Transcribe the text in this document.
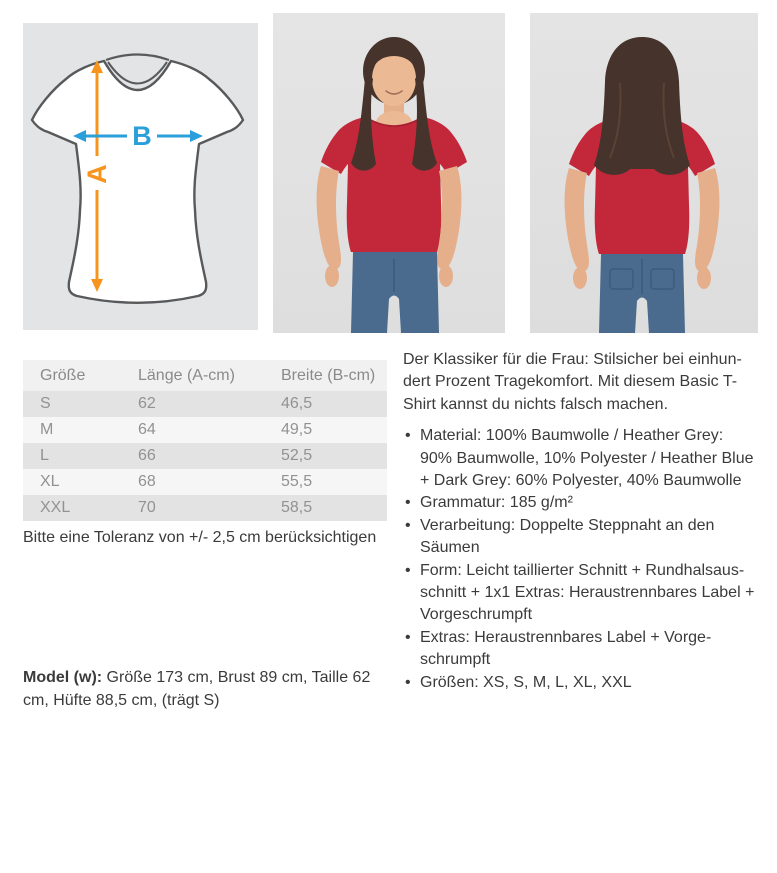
A
B
Größe	Länge (A-cm)	Breite (B-cm)
S	62	46,5
M	64	49,5
L	66	52,5
XL	68	55,5
XXL	70	58,5

Bitte eine Toleranz von +/- 2,5 cm berücksichtigen

Model (w): Größe 173 cm, Brust 89 cm, Taille 62 cm, Hüfte 88,5 cm, (trägt S)

Der Klassiker für die Frau: Stilsicher bei einhundert Prozent Tragekomfort. Mit diesem Basic T-Shirt kannst du nichts falsch machen.

• Material: 100% Baumwolle / Heather Grey: 90% Baumwolle, 10% Polyester / Heather Blue + Dark Grey: 60% Polyester, 40% Baumwolle
• Grammatur: 185 g/m²
• Verarbeitung: Doppelte Steppnaht an den Säumen
• Form: Leicht taillierter Schnitt + Rundhalsausschnitt + 1x1 Extras: Heraustrennbares Label + Vorgeschrumpft
• Extras: Heraustrennbares Label + Vorgeschrumpft
• Größen: XS, S, M, L, XL, XXL
